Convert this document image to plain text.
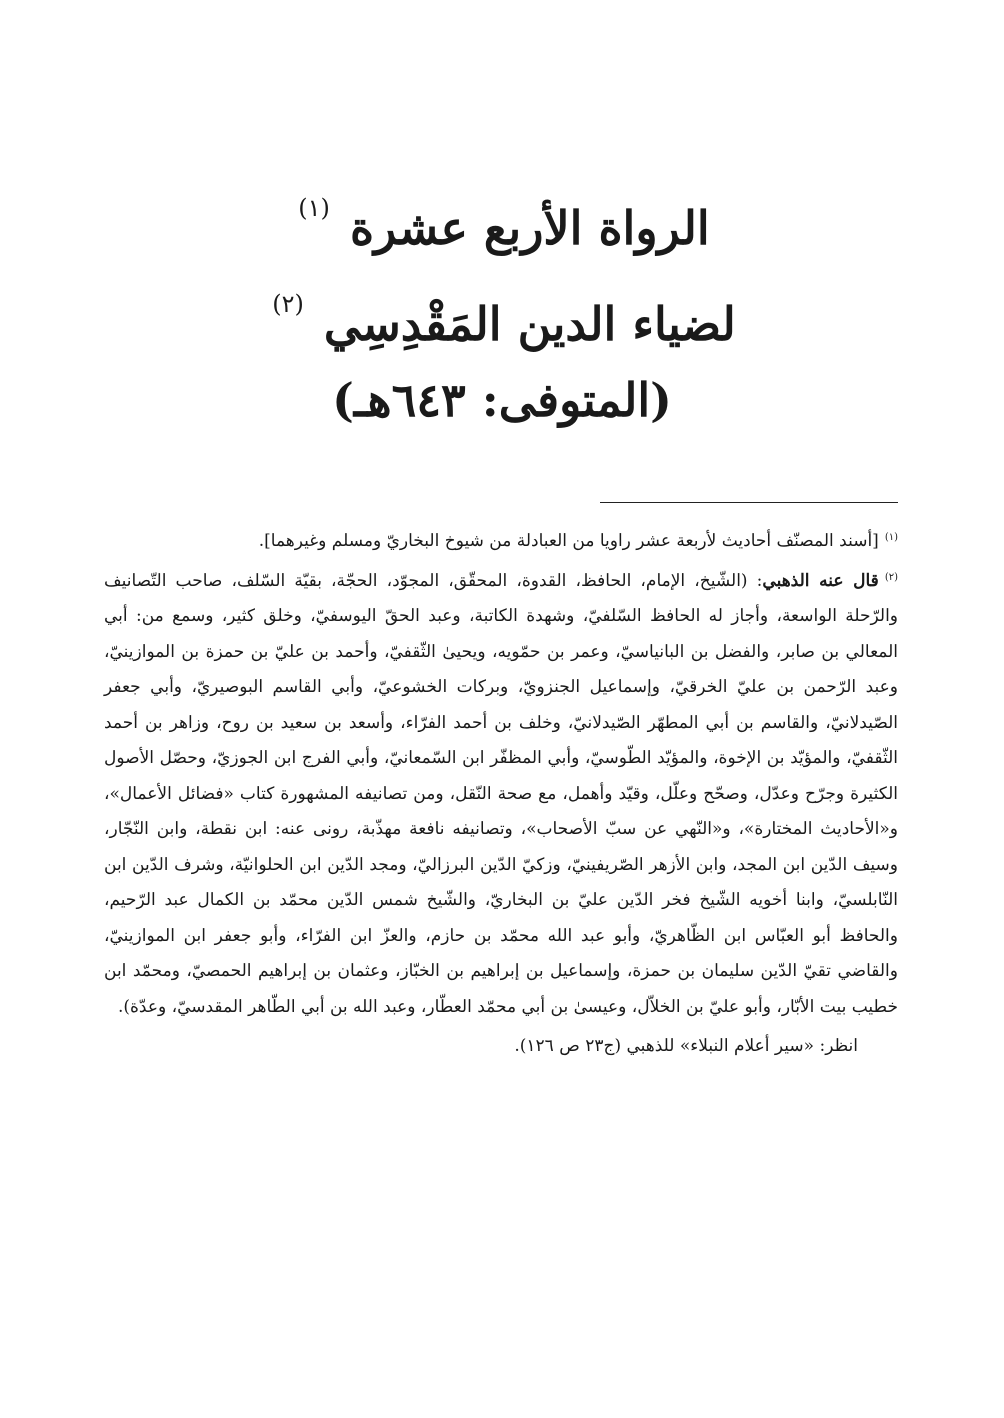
الرواة الأربع عشرة $^{(١)}$
لضياء الدين المَقْدِسِي $^{(٢)}$
(المتوفى: ٦٤٣هـ)

$^{(١)}$[أسند المصنّف أحاديث لأربعة عشر راويا من العبادلة من شيوخ البخاريّ ومسلم وغيرهما].

$^{(٢)}$قال عنه الذهبي: (الشّيخ، الإمام، الحافظ، القدوة، المحقّق، المجوّد، الحجّة، بقيّة السّلف، صاحب التّصانيف والرّحلة الواسعة، وأجاز له الحافظ السّلفيّ، وشهدة الكاتبة، وعبد الحقّ اليوسفيّ، وخلق كثير، وسمع من: أبي المعالي بن صابر، والفضل بن البانياسيّ، وعمر بن حمّويه، ويحيىٰ الثّقفيّ، وأحمد بن عليّ بن حمزة بن الموازينيّ، وعبد الرّحمن بن عليّ الخرقيّ، وإسماعيل الجنزويّ، وبركات الخشوعيّ، وأبي القاسم البوصيريّ، وأبي جعفر الصّيدلانيّ، والقاسم بن أبي المطهّر الصّيدلانيّ، وخلف بن أحمد الفرّاء، وأسعد بن سعيد بن روح، وزاهر بن أحمد الثّقفيّ، والمؤيّد بن الإخوة، والمؤيّد الطّوسيّ، وأبي المظفّر ابن السّمعانيّ، وأبي الفرج ابن الجوزيّ، وحصّل الأصول الكثيرة وجرّح وعدّل، وصحّح وعلّل، وقيّد وأهمل، مع صحة النّقل، ومن تصانيفه المشهورة كتاب «فضائل الأعمال»، و«الأحاديث المختارة»، و«النّهي عن سبّ الأصحاب»، وتصانيفه نافعة مهذّبة، رونى عنه: ابن نقطة، وابن النّجّار، وسيف الدّين ابن المجد، وابن الأزهر الصّريفينيّ، وزكيّ الدّين البرزاليّ، ومجد الدّين ابن الحلوانيّة، وشرف الدّين ابن النّابلسيّ، وابنا أخويه الشّيخ فخر الدّين عليّ بن البخاريّ، والشّيخ شمس الدّين محمّد بن الكمال عبد الرّحيم، والحافظ أبو العبّاس ابن الظّاهريّ، وأبو عبد الله محمّد بن حازم، والعزّ ابن الفرّاء، وأبو جعفر ابن الموازينيّ، والقاضي تقيّ الدّين سليمان بن حمزة، وإسماعيل بن إبراهيم بن الخبّاز، وعثمان بن إبراهيم الحمصيّ، ومحمّد ابن خطيب بيت الأبّار، وأبو عليّ بن الخلاّل، وعيسىٰ بن أبي محمّد العطّار، وعبد الله بن أبي الطّاهر المقدسيّ، وعدّة).

انظر: «سير أعلام النبلاء» للذهبي (ج٢٣ ص ١٢٦).
